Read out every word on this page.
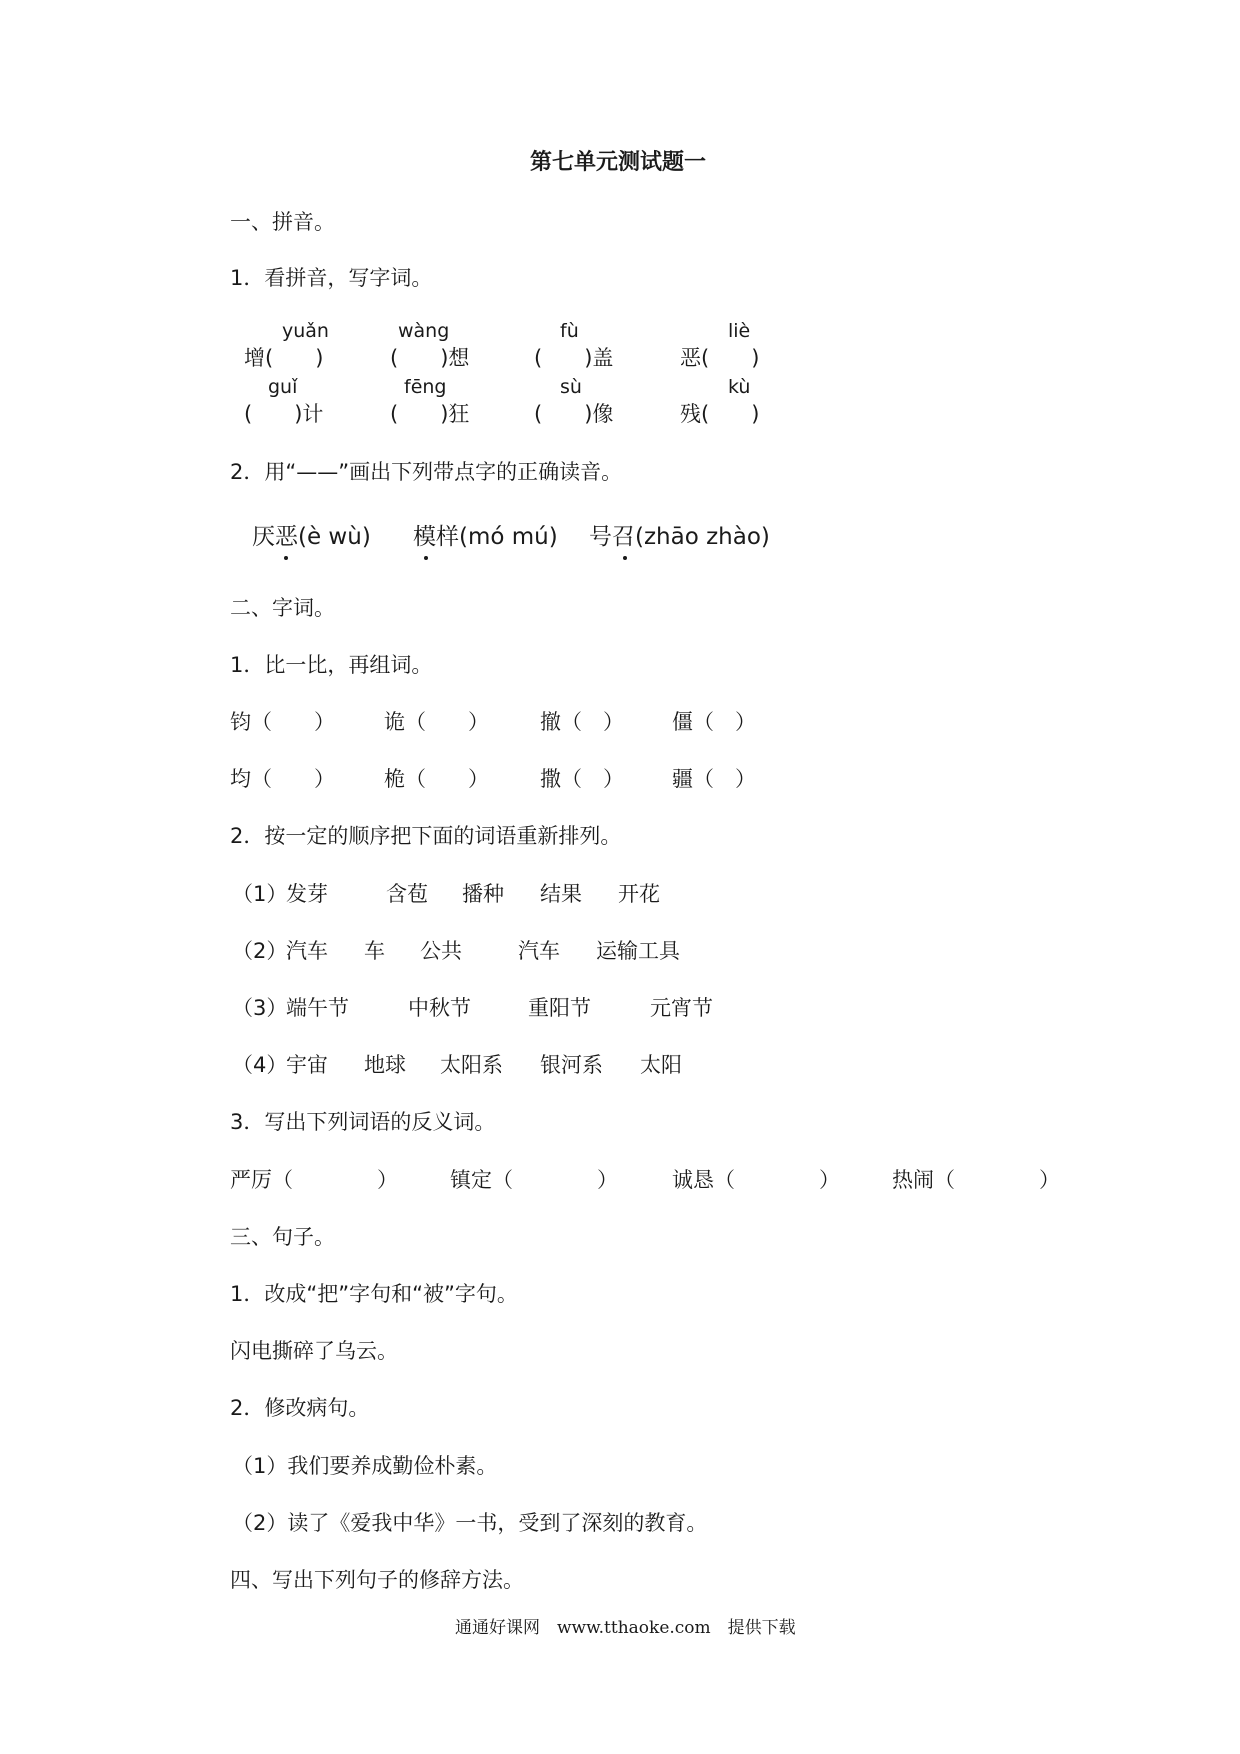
第七单元测试题一
一、拼音。
1．看拼音，写字词。
yuǎn	wàng	fù	liè
增(　　)	(　　)想	(　　)盖	恶(　　)
guǐ	fēng	sù	kù
(　　)计	(　　)狂	(　　)像	残(　　)
2．用“——”画出下列带点字的正确读音。
厌恶(è wù) 模样(mó mú) 号召(zhāo zhào)
二、字词。
1．比一比，再组词。
钧（　　） 诡（　　） 撤（　） 僵（　）
均（　　） 桅（　　） 撒（　） 疆（　）
2．按一定的顺序把下面的词语重新排列。
（1）
发芽	含苞 播种 结果 开花
（2）
汽车 车 公共	汽车 运输工具
（3）
端午节	中秋节	重阳节	元宵节
（4）
宇宙 地球 太阳系 银河系 太阳
3．写出下列词语的反义词。
严厉（　　　　） 镇定（　　　　）	诚恳（　　　　） 热闹（　　　　）
三、句子。
1．改成“把”字句和“被”字句。
闪电撕碎了乌云。
2．修改病句。
（1）我们要养成勤俭朴素。
（2）读了《爱我中华》一书，受到了深刻的教育。
四、写出下列句子的修辞方法。
通通好课网　www.tthaoke.com　提供下载
